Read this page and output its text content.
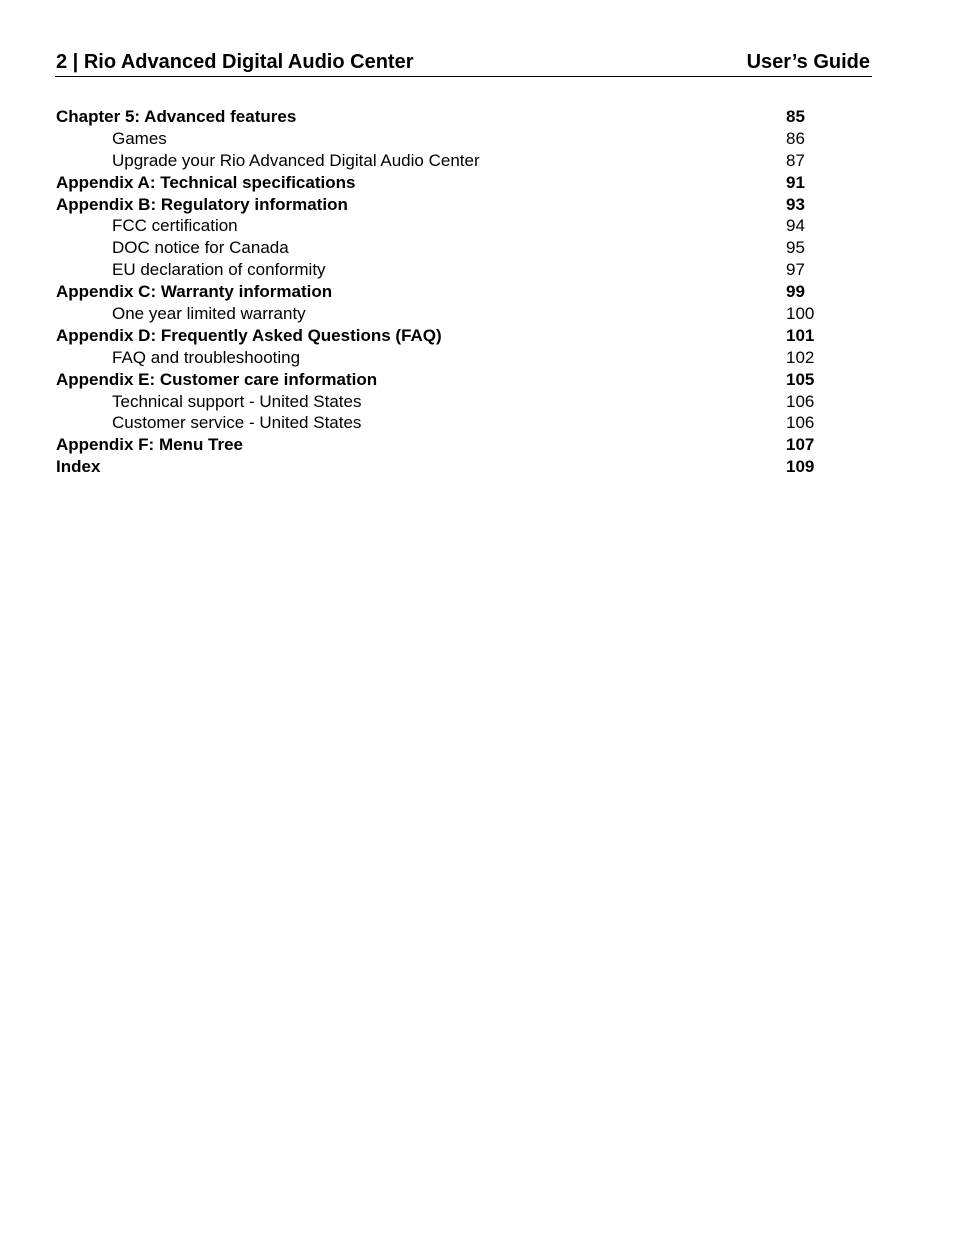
2 | Rio Advanced Digital Audio Center	User’s Guide
Chapter 5: Advanced features	85
Games	86
Upgrade your Rio Advanced Digital Audio Center	87
Appendix A: Technical specifications	91
Appendix B: Regulatory information	93
FCC certification	94
DOC notice for Canada	95
EU declaration of conformity	97
Appendix C: Warranty information	99
One year limited warranty	100
Appendix D: Frequently Asked Questions (FAQ)	101
FAQ and troubleshooting	102
Appendix E: Customer care information	105
Technical support - United States	106
Customer service - United States	106
Appendix F: Menu Tree	107
Index	109
